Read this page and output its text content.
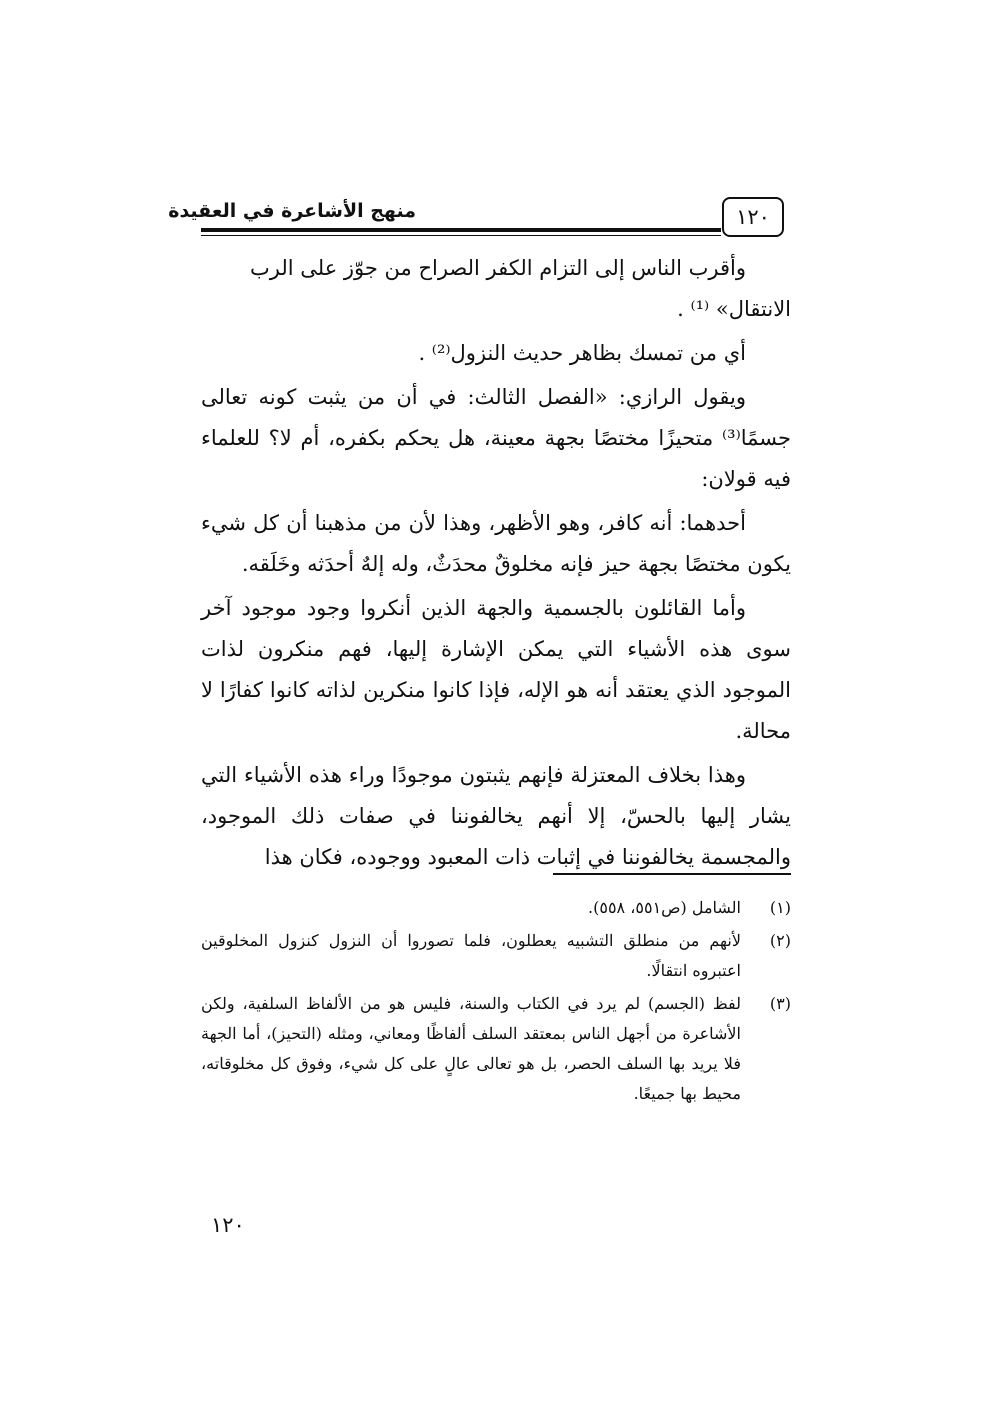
١٢٠
منهج الأشاعرة في العقيدة

وأقرب الناس إلى التزام الكفر الصراح من جوّز على الرب

الانتقال» ⁽¹⁾ .

أي من تمسك بظاهر حديث النزول⁽²⁾ .

ويقول الرازي: «الفصل الثالث: في أن من يثبت كونه تعالى جسمًا⁽³⁾ متحيزًا مختصًا بجهة معينة، هل يحكم بكفره، أم لا؟ للعلماء فيه قولان:

أحدهما: أنه كافر، وهو الأظهر، وهذا لأن من مذهبنا أن كل شيء يكون مختصًا بجهة حيز فإنه مخلوقٌ محدَثٌ، وله إلهٌ أحدَثه وخَلَقه.

وأما القائلون بالجسمية والجهة الذين أنكروا وجود موجود آخر سوى هذه الأشياء التي يمكن الإشارة إليها، فهم منكرون لذات الموجود الذي يعتقد أنه هو الإله، فإذا كانوا منكرين لذاته كانوا كفارًا لا محالة.

وهذا بخلاف المعتزلة فإنهم يثبتون موجودًا وراء هذه الأشياء التي يشار إليها بالحسّ، إلا أنهم يخالفوننا في صفات ذلك الموجود، والمجسمة يخالفوننا في إثبات ذات المعبود ووجوده، فكان هذا

(١)
الشامل (ص٥٥١، ٥٥٨).
(٢)
لأنهم من منطلق التشبيه يعطلون، فلما تصوروا أن النزول كنزول المخلوقين اعتبروه انتقالًا.
(٣)
لفظ (الجسم) لم يرد في الكتاب والسنة، فليس هو من الألفاظ السلفية، ولكن الأشاعرة من أجهل الناس بمعتقد السلف ألفاظًا ومعاني، ومثله (التحيز)، أما الجهة فلا يريد بها السلف الحصر، بل هو تعالى عالٍ على كل شيء، وفوق كل مخلوقاته، محيط بها جميعًا.
١٢٠
